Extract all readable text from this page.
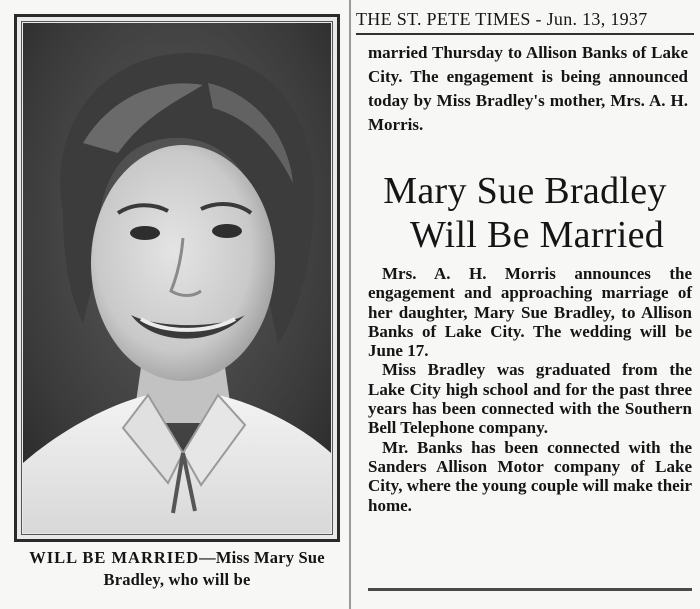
WILL BE MARRIED—Miss Mary Sue Bradley, who will be
THE ST. PETE TIMES - Jun. 13, 1937
married Thursday to Allison Banks of Lake City. The engagement is being announced today by Miss Bradley's mother, Mrs. A. H. Morris.
Mary Sue Bradley
Will Be Married

Mrs. A. H. Morris announces the engagement and approaching marriage of her daughter, Mary Sue Bradley, to Allison Banks of Lake City. The wedding will be June 17.

Miss Bradley was graduated from the Lake City high school and for the past three years has been connected with the Southern Bell Telephone company.

Mr. Banks has been connected with the Sanders Allison Motor company of Lake City, where the young couple will make their home.
